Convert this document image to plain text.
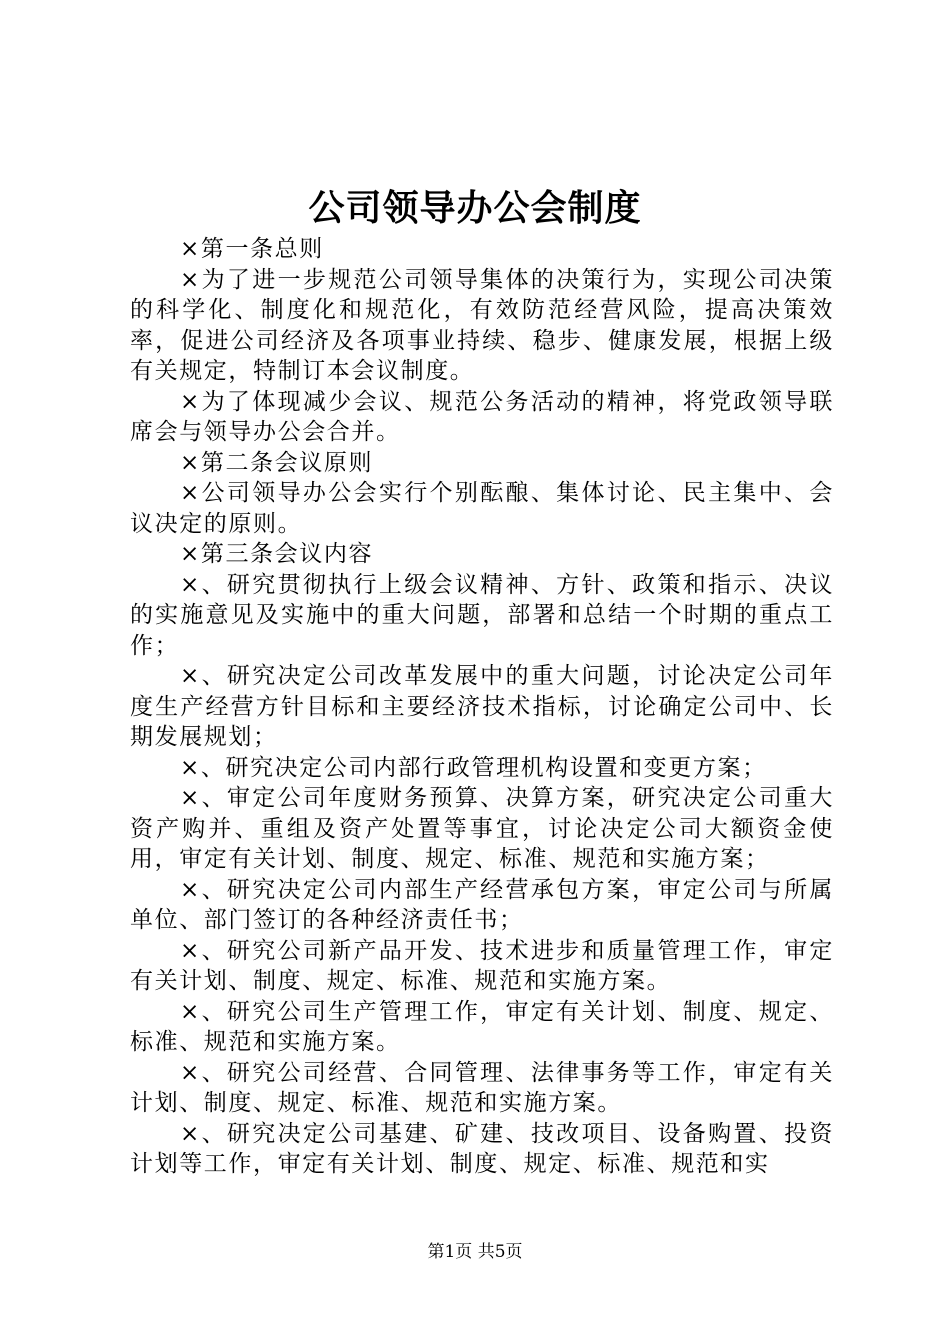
公司领导办公会制度

×第一条总则

×为了进一步规范公司领导集体的决策行为，实现公司决策的科学化、制度化和规范化，有效防范经营风险，提高决策效率，促进公司经济及各项事业持续、稳步、健康发展，根据上级有关规定，特制订本会议制度。

×为了体现减少会议、规范公务活动的精神，将党政领导联席会与领导办公会合并。

×第二条会议原则

×公司领导办公会实行个别酝酿、集体讨论、民主集中、会议决定的原则。

×第三条会议内容

×、研究贯彻执行上级会议精神、方针、政策和指示、决议的实施意见及实施中的重大问题，部署和总结一个时期的重点工作；

×、研究决定公司改革发展中的重大问题，讨论决定公司年度生产经营方针目标和主要经济技术指标，讨论确定公司中、长期发展规划；

×、研究决定公司内部行政管理机构设置和变更方案；

×、审定公司年度财务预算、决算方案，研究决定公司重大资产购并、重组及资产处置等事宜，讨论决定公司大额资金使用，审定有关计划、制度、规定、标准、规范和实施方案；

×、研究决定公司内部生产经营承包方案，审定公司与所属单位、部门签订的各种经济责任书；

×、研究公司新产品开发、技术进步和质量管理工作，审定有关计划、制度、规定、标准、规范和实施方案。

×、研究公司生产管理工作，审定有关计划、制度、规定、标准、规范和实施方案。

×、研究公司经营、合同管理、法律事务等工作，审定有关计划、制度、规定、标准、规范和实施方案。

×、研究决定公司基建、矿建、技改项目、设备购置、投资计划等工作，审定有关计划、制度、规定、标准、规范和实

第1页 共5页
